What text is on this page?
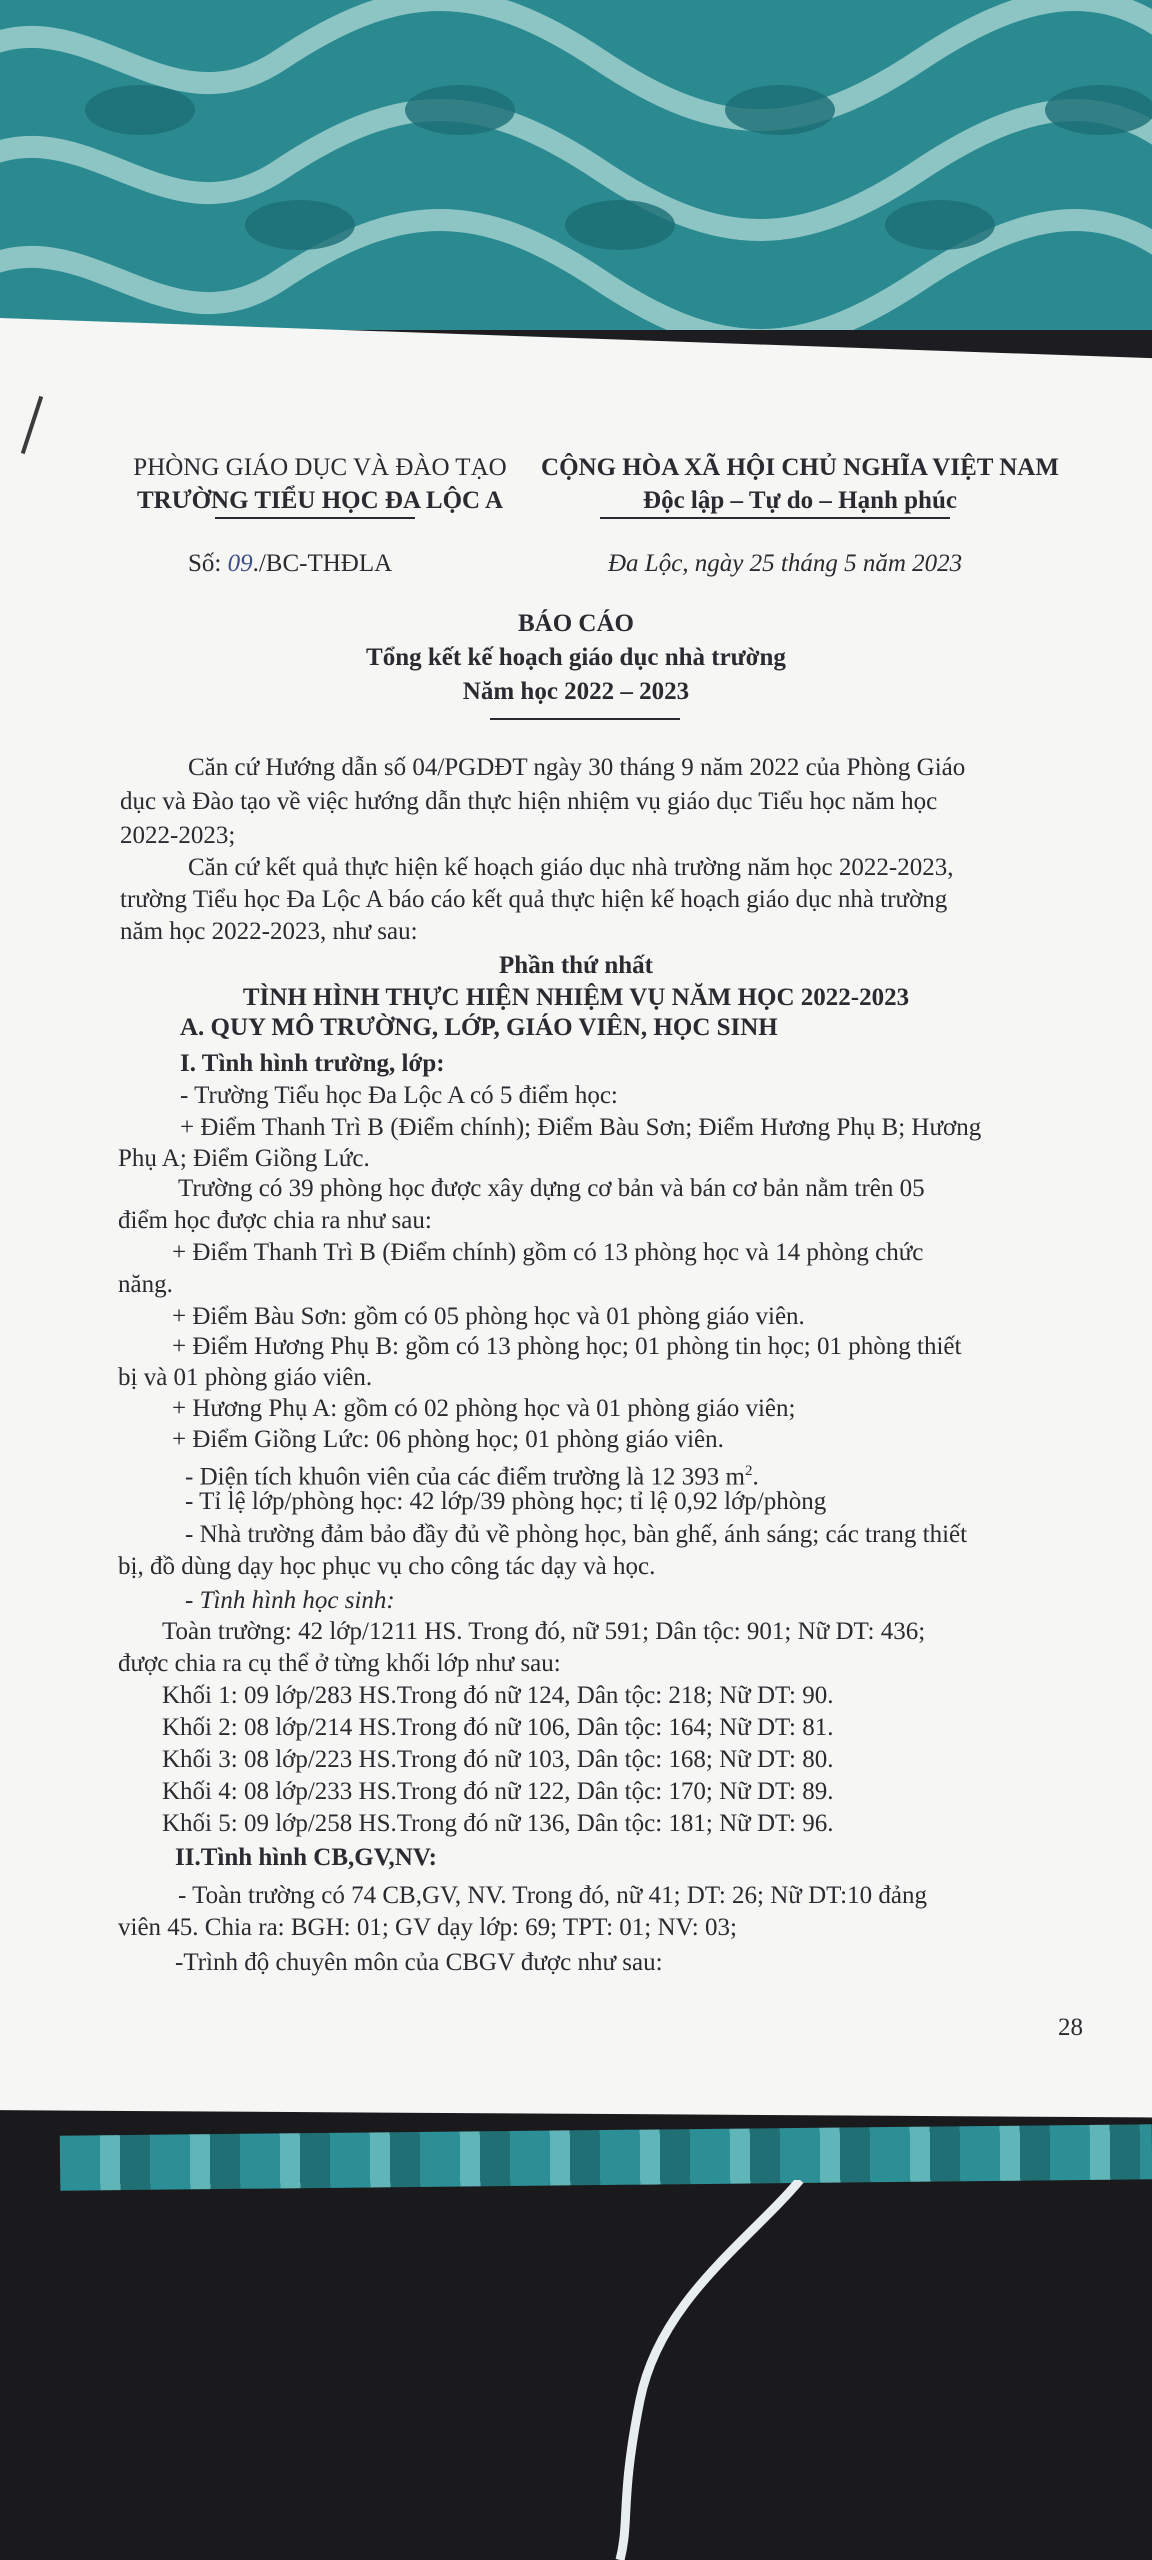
PHÒNG GIÁO DỤC VÀ ĐÀO TẠO
TRƯỜNG TIỂU HỌC ĐA LỘC A
CỘNG HÒA XÃ HỘI CHỦ NGHĨA VIỆT NAM
Độc lập – Tự do – Hạnh phúc
Số: 09./BC-THĐLA	Đa Lộc, ngày 25 tháng 5 năm 2023
BÁO CÁO
Tổng kết kế hoạch giáo dục nhà trường
Năm học 2022 – 2023
Căn cứ Hướng dẫn số 04/PGDĐT ngày 30 tháng 9 năm 2022 của Phòng Giáo
dục và Đào tạo về việc hướng dẫn thực hiện nhiệm vụ giáo dục Tiểu học năm học
2022-2023;
Căn cứ kết quả thực hiện kế hoạch giáo dục nhà trường năm học 2022-2023,
trường Tiểu học Đa Lộc A báo cáo kết quả thực hiện kế hoạch giáo dục nhà trường
năm học 2022-2023, như sau:
Phần thứ nhất
TÌNH HÌNH THỰC HIỆN NHIỆM VỤ NĂM HỌC 2022-2023
A. QUY MÔ TRƯỜNG, LỚP, GIÁO VIÊN, HỌC SINH
I. Tình hình trường, lớp:
- Trường Tiểu học Đa Lộc A có 5 điểm học:
+ Điểm Thanh Trì B (Điểm chính); Điểm Bàu Sơn; Điểm Hương Phụ B; Hương
Phụ A; Điểm Giồng Lức.
Trường có 39 phòng học được xây dựng cơ bản và bán cơ bản nằm trên 05
điểm học được chia ra như sau:
+ Điểm Thanh Trì B (Điểm chính) gồm có 13 phòng học và 14 phòng chức
năng.
+ Điểm Bàu Sơn: gồm có 05 phòng học và 01 phòng giáo viên.
+ Điểm Hương Phụ B: gồm có 13 phòng học; 01 phòng tin học; 01 phòng thiết
bị và 01 phòng giáo viên.
+ Hương Phụ A: gồm có 02 phòng học và 01 phòng giáo viên;
+ Điểm Giồng Lức: 06 phòng học; 01 phòng giáo viên.
- Diện tích khuôn viên của các điểm trường là 12 393 $m^2$.
- Tỉ lệ lớp/phòng học: 42 lớp/39 phòng học; tỉ lệ 0,92 lớp/phòng
- Nhà trường đảm bảo đầy đủ về phòng học, bàn ghế, ánh sáng; các trang thiết
bị, đồ dùng dạy học phục vụ cho công tác dạy và học.
- Tình hình học sinh:
Toàn trường: 42 lớp/1211 HS. Trong đó, nữ 591; Dân tộc: 901; Nữ DT: 436;
được chia ra cụ thể ở từng khối lớp như sau:
Khối 1: 09 lớp/283 HS.Trong đó nữ 124, Dân tộc: 218; Nữ DT: 90.
Khối 2: 08 lớp/214 HS.Trong đó nữ 106, Dân tộc: 164; Nữ DT: 81.
Khối 3: 08 lớp/223 HS.Trong đó nữ 103, Dân tộc: 168; Nữ DT: 80.
Khối 4: 08 lớp/233 HS.Trong đó nữ 122, Dân tộc: 170; Nữ DT: 89.
Khối 5: 09 lớp/258 HS.Trong đó nữ 136, Dân tộc: 181; Nữ DT: 96.
II.Tình hình CB,GV,NV:
- Toàn trường có 74 CB,GV, NV. Trong đó, nữ 41; DT: 26; Nữ DT:10 đảng
viên 45. Chia ra: BGH: 01; GV dạy lớp: 69; TPT: 01; NV: 03;
-Trình độ chuyên môn của CBGV được như sau:
28
